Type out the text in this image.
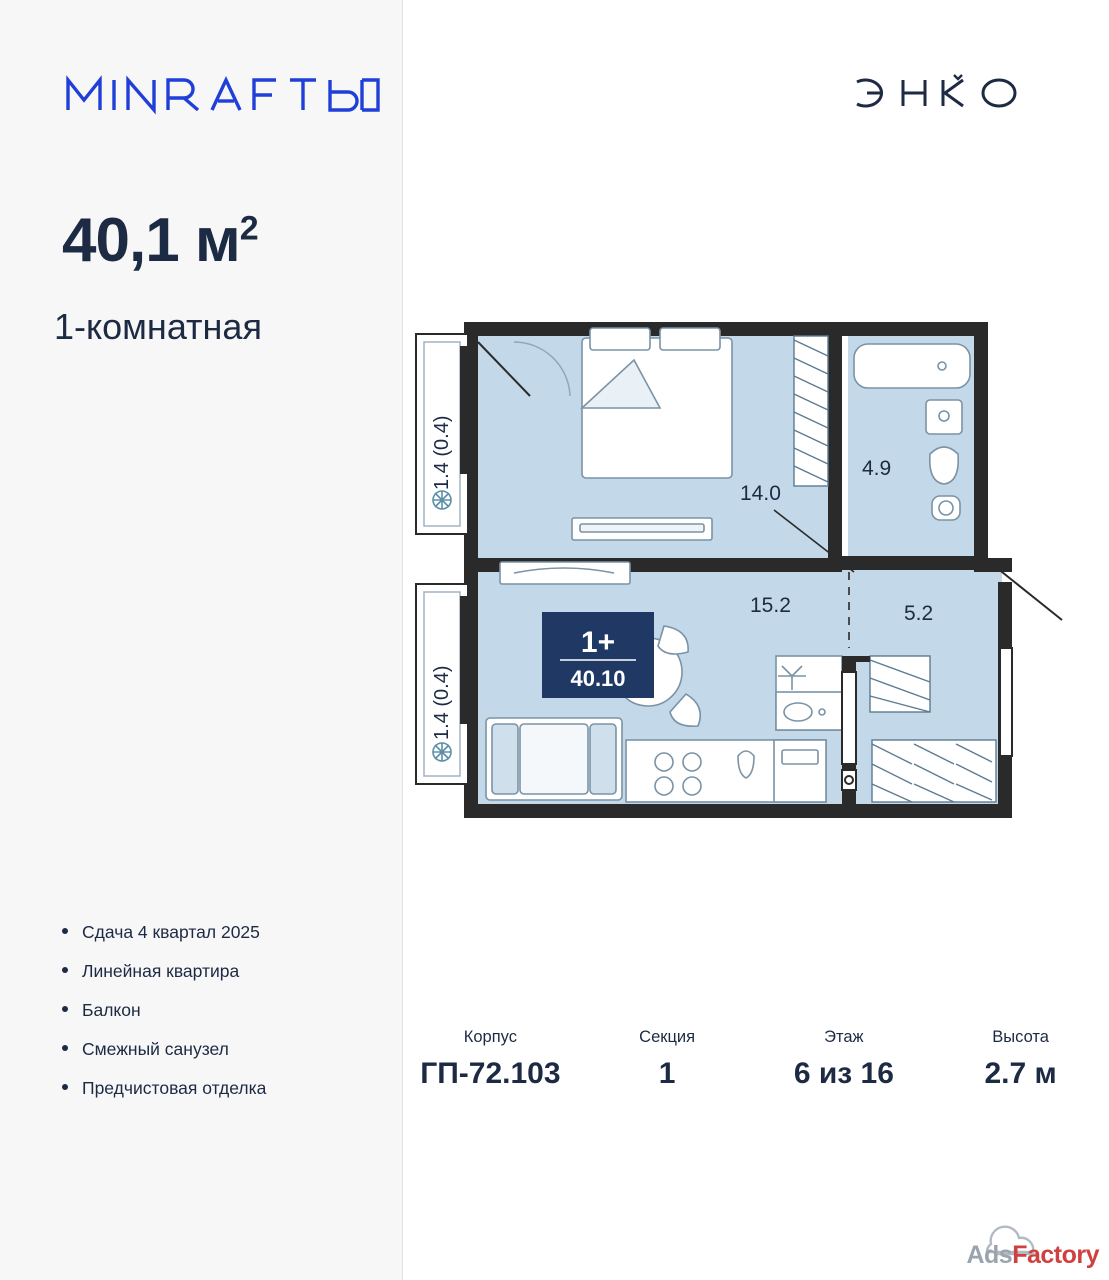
40,1 $м^2$
1-комнатная
Сдача 4 квартал 2025
Линейная квартира
Балкон
Смежный санузел
Предчистовая отделка
14.0
4.9
15.2	5.2
1.4 (0.4)
1.4 (0.4)
1+
40.10
Корпус
ГП-72.103
Секция
1
Этаж
6 из 16
Высота
2.7 м
AdsFactory
